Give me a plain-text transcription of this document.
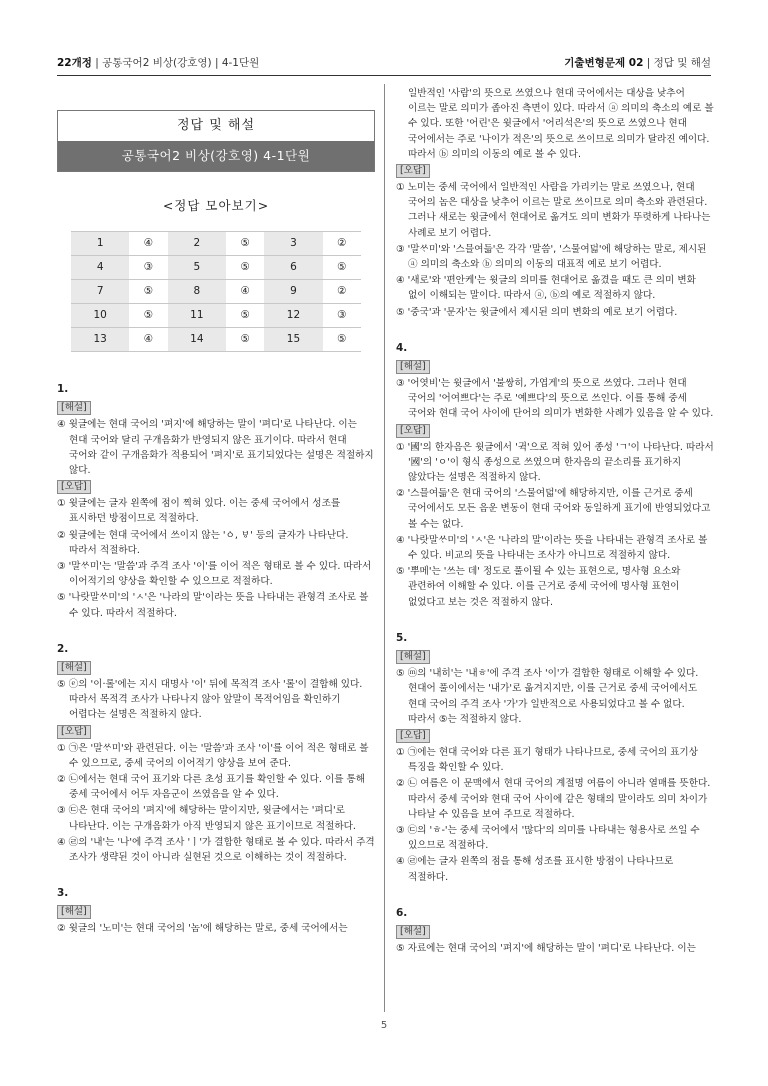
22개정 | 공통국어2 비상(강호영) | 4-1단원	기출변형문제 02 | 정답 및 해설
정답 및 해설
공통국어2 비상(강호영) 4-1단원
<정답 모아보기>
1	④	2	⑤	3	②
4	③	5	⑤	6	⑤
7	⑤	8	④	9	②
10	⑤	11	⑤	12	③
13	④	14	⑤	15	⑤
1.
[해설]
④ 윗글에는 현대 국어의 '펴지'에 해당하는 말이 '펴디'로 나타난다. 이는 현대 국어와 달리 구개음화가 반영되지 않은 표기이다. 따라서 현대 국어와 같이 구개음화가 적용되어 '펴지'로 표기되었다는 설명은 적절하지 않다.
[오답]
① 윗글에는 글자 왼쪽에 점이 찍혀 있다. 이는 중세 국어에서 성조를 표시하던 방점이므로 적절하다.
② 윗글에는 현대 국어에서 쓰이지 않는 'ㆁ, ㅸ' 등의 글자가 나타난다. 따라서 적절하다.
③ '말ᄊᆞ미'는 '말씀'과 주격 조사 '이'를 이어 적은 형태로 볼 수 있다. 따라서 이어적기의 양상을 확인할 수 있으므로 적절하다.
⑤ '나랏말ᄊᆞ미'의 'ㅅ'은 '나라의 말'이라는 뜻을 나타내는 관형격 조사로 볼 수 있다. 따라서 적절하다.
2.
[해설]
⑤ ⓔ의 '이·롤'에는 지시 대명사 '이' 뒤에 목적격 조사 '롤'이 결합해 있다. 따라서 목적격 조사가 나타나지 않아 앞말이 목적어임을 확인하기 어렵다는 설명은 적절하지 않다.
[오답]
① ㉠은 '말ᄊᆞ미'와 관련된다. 이는 '말씀'과 조사 '이'를 이어 적은 형태로 볼 수 있으므로, 중세 국어의 이어적기 양상을 보여 준다.
② ㉡에서는 현대 국어 표기와 다른 초성 표기를 확인할 수 있다. 이를 통해 중세 국어에서 어두 자음군이 쓰였음을 알 수 있다.
③ ㉢은 현대 국어의 '펴지'에 해당하는 말이지만, 윗글에서는 '펴디'로 나타난다. 이는 구개음화가 아직 반영되지 않은 표기이므로 적절하다.
④ ㉣의 '내'는 '나'에 주격 조사 'ㅣ'가 결합한 형태로 볼 수 있다. 따라서 주격 조사가 생략된 것이 아니라 실현된 것으로 이해하는 것이 적절하다.
3.
[해설]
② 윗글의 '노미'는 현대 국어의 '놈'에 해당하는 말로, 중세 국어에서는
일반적인 '사람'의 뜻으로 쓰였으나 현대 국어에서는 대상을 낮추어 이르는 말로 의미가 좁아진 측면이 있다. 따라서 ⓐ 의미의 축소의 예로 볼 수 있다. 또한 '어린'은 윗글에서 '어리석은'의 뜻으로 쓰였으나 현대 국어에서는 주로 '나이가 적은'의 뜻으로 쓰이므로 의미가 달라진 예이다. 따라서 ⓑ 의미의 이동의 예로 볼 수 있다.
[오답]
① 노미는 중세 국어에서 일반적인 사람을 가리키는 말로 쓰였으나, 현대 국어의 놈은 대상을 낮추어 이르는 말로 쓰이므로 의미 축소와 관련된다. 그러나 새로는 윗글에서 현대어로 옮겨도 의미 변화가 뚜렷하게 나타나는 사례로 보기 어렵다.
③ '말ᄊᆞ미'와 '스믈여듧'은 각각 '말씀', '스물여덟'에 해당하는 말로, 제시된 ⓐ 의미의 축소와 ⓑ 의미의 이동의 대표적 예로 보기 어렵다.
④ '새로'와 '편안케'는 윗글의 의미를 현대어로 옮겼을 때도 큰 의미 변화 없이 이해되는 말이다. 따라서 ⓐ, ⓑ의 예로 적절하지 않다.
⑤ '중국'과 '문자'는 윗글에서 제시된 의미 변화의 예로 보기 어렵다.
4.
[해설]
③ '어엿비'는 윗글에서 '불쌍히, 가엽게'의 뜻으로 쓰였다. 그러나 현대 국어의 '어여쁘다'는 주로 '예쁘다'의 뜻으로 쓰인다. 이를 통해 중세 국어와 현대 국어 사이에 단어의 의미가 변화한 사례가 있음을 알 수 있다.
[오답]
① '國'의 한자음은 윗글에서 '귁'으로 적혀 있어 종성 'ㄱ'이 나타난다. 따라서 '國'의 'ㅇ'이 형식 종성으로 쓰였으며 한자음의 끝소리를 표기하지 않았다는 설명은 적절하지 않다.
② '스믈여듧'은 현대 국어의 '스물여덟'에 해당하지만, 이를 근거로 중세 국어에서도 모든 음운 변동이 현대 국어와 동일하게 표기에 반영되었다고 볼 수는 없다.
④ '나랏말ᄊᆞ미'의 'ㅅ'은 '나라의 말'이라는 뜻을 나타내는 관형격 조사로 볼 수 있다. 비교의 뜻을 나타내는 조사가 아니므로 적절하지 않다.
⑤ '뿌메'는 '쓰는 데' 정도로 풀이될 수 있는 표현으로, 명사형 요소와 관련하여 이해할 수 있다. 이를 근거로 중세 국어에 명사형 표현이 없었다고 보는 것은 적절하지 않다.
5.
[해설]
⑤ ⓜ의 '내히'는 '내ㅎ'에 주격 조사 '이'가 결합한 형태로 이해할 수 있다. 현대어 풀이에서는 '내가'로 옮겨지지만, 이를 근거로 중세 국어에서도 현대 국어의 주격 조사 '가'가 일반적으로 사용되었다고 볼 수 없다. 따라서 ⑤는 적절하지 않다.
[오답]
① ㉠에는 현대 국어와 다른 표기 형태가 나타나므로, 중세 국어의 표기상 특징을 확인할 수 있다.
② ㉡ 여름은 이 문맥에서 현대 국어의 계절명 여름이 아니라 열매를 뜻한다. 따라서 중세 국어와 현대 국어 사이에 같은 형태의 말이라도 의미 차이가 나타날 수 있음을 보여 주므로 적절하다.
③ ㉢의 'ㅎ-'는 중세 국어에서 '많다'의 의미를 나타내는 형용사로 쓰일 수 있으므로 적절하다.
④ ㉣에는 글자 왼쪽의 점을 통해 성조를 표시한 방점이 나타나므로 적절하다.
6.
[해설]
⑤ 자료에는 현대 국어의 '펴지'에 해당하는 말이 '펴디'로 나타난다. 이는
5
